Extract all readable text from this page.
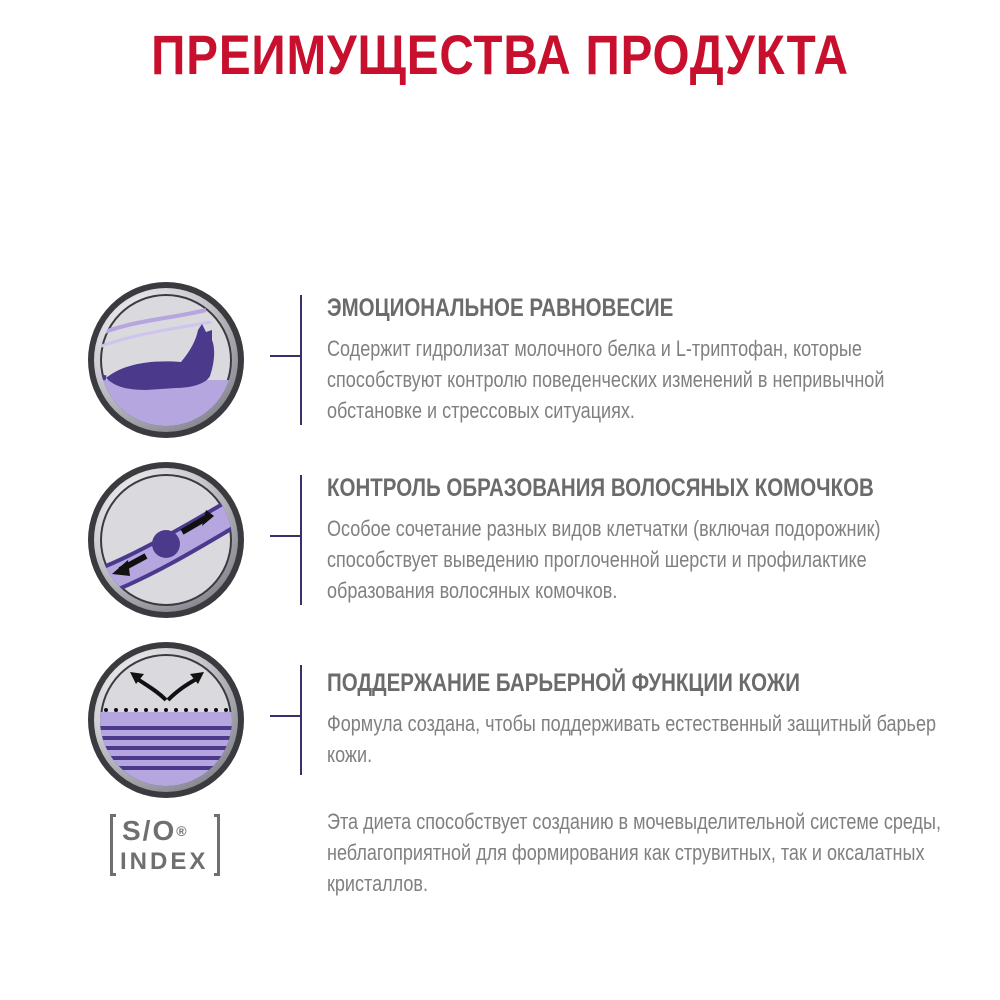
ПРЕИМУЩЕСТВА ПРОДУКТА
ЭМОЦИОНАЛЬНОЕ РАВНОВЕСИЕ
Содержит гидролизат молочного белка и L-триптофан, которые
способствуют контролю поведенческих изменений в непривычной
обстановке и стрессовых ситуациях.
КОНТРОЛЬ ОБРАЗОВАНИЯ ВОЛОСЯНЫХ КОМОЧКОВ
Особое сочетание разных видов клетчатки (включая подорожник)
способствует выведению проглоченной шерсти и профилактике
образования волосяных комочков.
ПОДДЕРЖАНИЕ БАРЬЕРНОЙ ФУНКЦИИ КОЖИ
Формула создана, чтобы поддерживать естественный защитный барьер
кожи.
S/O®
INDEX
Эта диета способствует созданию в мочевыделительной системе среды,
неблагоприятной для формирования как струвитных, так и оксалатных
кристаллов.
